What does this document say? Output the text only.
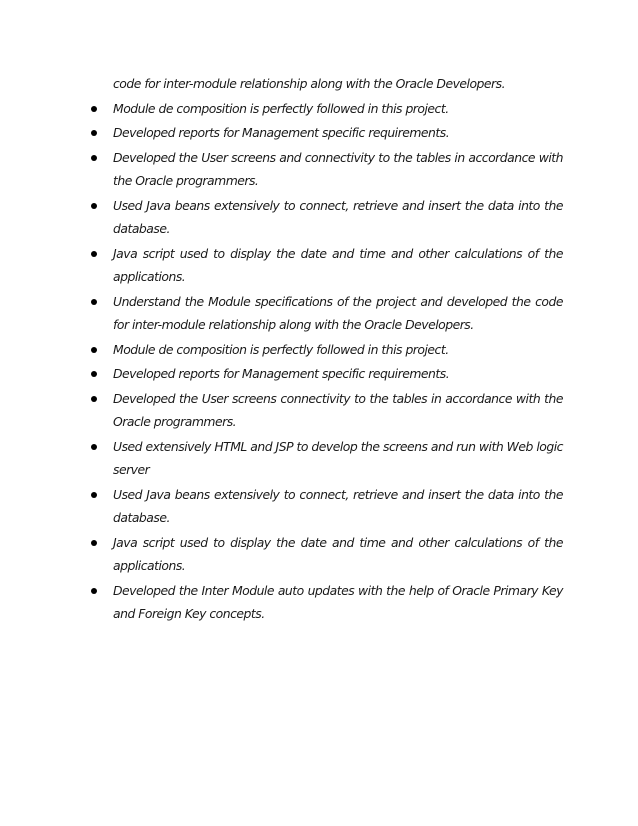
code for inter-module relationship along with the Oracle Developers.
Module de composition is perfectly followed in this project.
Developed reports for Management specific requirements.
Developed the User screens and connectivity to the tables in accordance with the Oracle programmers.
Used Java beans extensively to connect, retrieve and insert the data into the database.
Java script used to display the date and time and other calculations of the applications.
Understand the Module specifications of the project and developed the code for inter-module relationship along with the Oracle Developers.
Module de composition is perfectly followed in this project.
Developed reports for Management specific requirements.
Developed the User screens connectivity to the tables in accordance with the Oracle programmers.
Used extensively HTML and JSP to develop the screens and run with Web logic server
Used Java beans extensively to connect, retrieve and insert the data into the database.
Java script used to display the date and time and other calculations of the applications.
Developed the Inter Module auto updates with the help of Oracle Primary Key and Foreign Key concepts.
